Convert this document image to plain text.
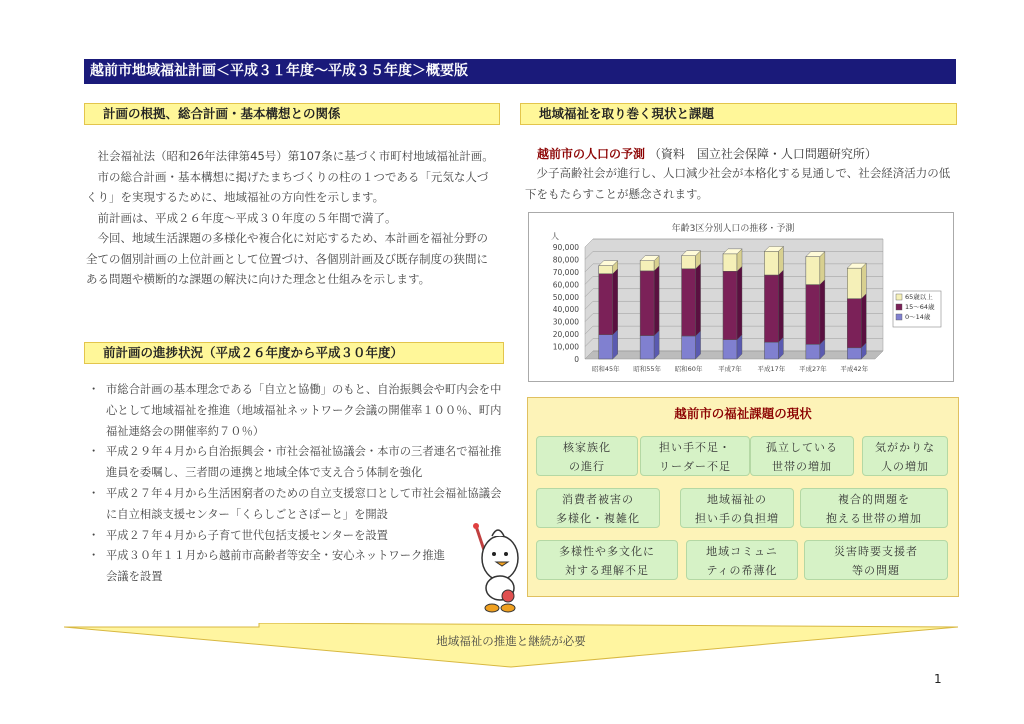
越前市地域福祉計画＜平成３１年度～平成３５年度＞概要版
計画の根拠、総合計画・基本構想との関係	地域福祉を取り巻く現状と課題

社会福祉法（昭和26年法律第45号）第107条に基づく市町村地域福祉計画。

市の総合計画・基本構想に掲げたまちづくりの柱の１つである「元気な人づくり」を実現するために、地域福祉の方向性を示します。

前計画は、平成２６年度～平成３０年度の５年間で満了。

今回、地域生活課題の多様化や複合化に対応するため、本計画を福祉分野の全ての個別計画の上位計画として位置づけ、各個別計画及び既存制度の狭間にある問題や横断的な課題の解決に向けた理念と仕組みを示します。

前計画の進捗状況（平成２６年度から平成３０年度）
・ 市総合計画の基本理念である「自立と協働」のもと、自治振興会や町内会を中心として地域福祉を推進（地域福祉ネットワーク会議の開催率１００％、町内福祉連絡会の開催率約７０％）
・ 平成２９年４月から自治振興会・市社会福祉協議会・本市の三者連名で福祉推進員を委嘱し、三者間の連携と地域全体で支え合う体制を強化
・ 平成２７年４月から生活困窮者のための自立支援窓口として市社会福祉協議会に自立相談支援センター「くらしごとさぽーと」を開設
・ 平成２７年４月から子育て世代包括支援センターを設置
・ 平成３０年１１月から越前市高齢者等安全・安心ネットワーク推進会議を設置
越前市の人口の予測 （資料　国立社会保障・人口問題研究所）

少子高齢社会が進行し、人口減少社会が本格化する見通しで、社会経済活力の低下をもたらすことが懸念されます。

年齢3区分別人口の推移・予測
人
0
10,000
20,000
30,000
40,000
50,000
60,000
70,000
80,000
90,000
昭和45年 昭和55年 昭和60年 平成7年 平成17年 平成27年 平成42年
65歳以上
15～64歳
0～14歳
越前市の福祉課題の現状
核家族化
の進行
担い手不足・
リーダー不足
孤立している
世帯の増加
気がかりな
人の増加
消費者被害の
多様化・複雑化
地域福祉の
担い手の負担増
複合的問題を
抱える世帯の増加
多様性や多文化に
対する理解不足
地域コミュニ
ティの希薄化
災害時要支援者
等の問題
地域福祉の推進と継続が必要
1
